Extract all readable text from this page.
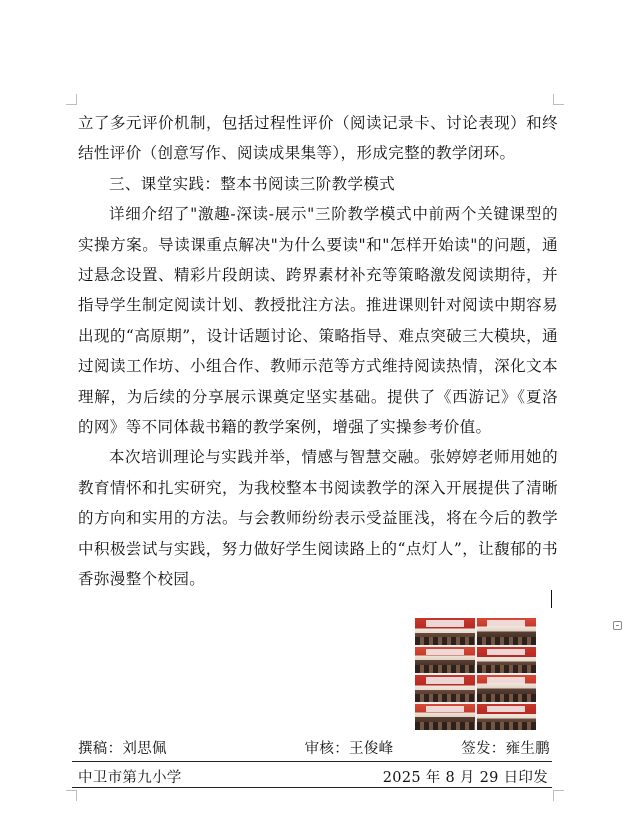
立了多元评价机制，包括过程性评价（阅读记录卡、讨论表现）和终结性评价（创意写作、阅读成果集等），形成完整的教学闭环。

三、课堂实践：整本书阅读三阶教学模式

详细介绍了"激趣-深读-展示"三阶教学模式中前两个关键课型的实操方案。导读课重点解决"为什么要读"和"怎样开始读"的问题，通过悬念设置、精彩片段朗读、跨界素材补充等策略激发阅读期待，并指导学生制定阅读计划、教授批注方法。推进课则针对阅读中期容易出现的“高原期”，设计话题讨论、策略指导、难点突破三大模块，通过阅读工作坊、小组合作、教师示范等方式维持阅读热情，深化文本理解，为后续的分享展示课奠定坚实基础。提供了《西游记》《夏洛的网》等不同体裁书籍的教学案例，增强了实操参考价值。

本次培训理论与实践并举，情感与智慧交融。张婷婷老师用她的教育情怀和扎实研究，为我校整本书阅读教学的深入开展提供了清晰的方向和实用的方法。与会教师纷纷表示受益匪浅，将在今后的教学中积极尝试与实践，努力做好学生阅读路上的“点灯人”，让馥郁的书香弥漫整个校园。

撰稿：刘思佩	审核：王俊峰	签发：雍生鹏
中卫市第九小学	2025 年 8 月 29 日印发
